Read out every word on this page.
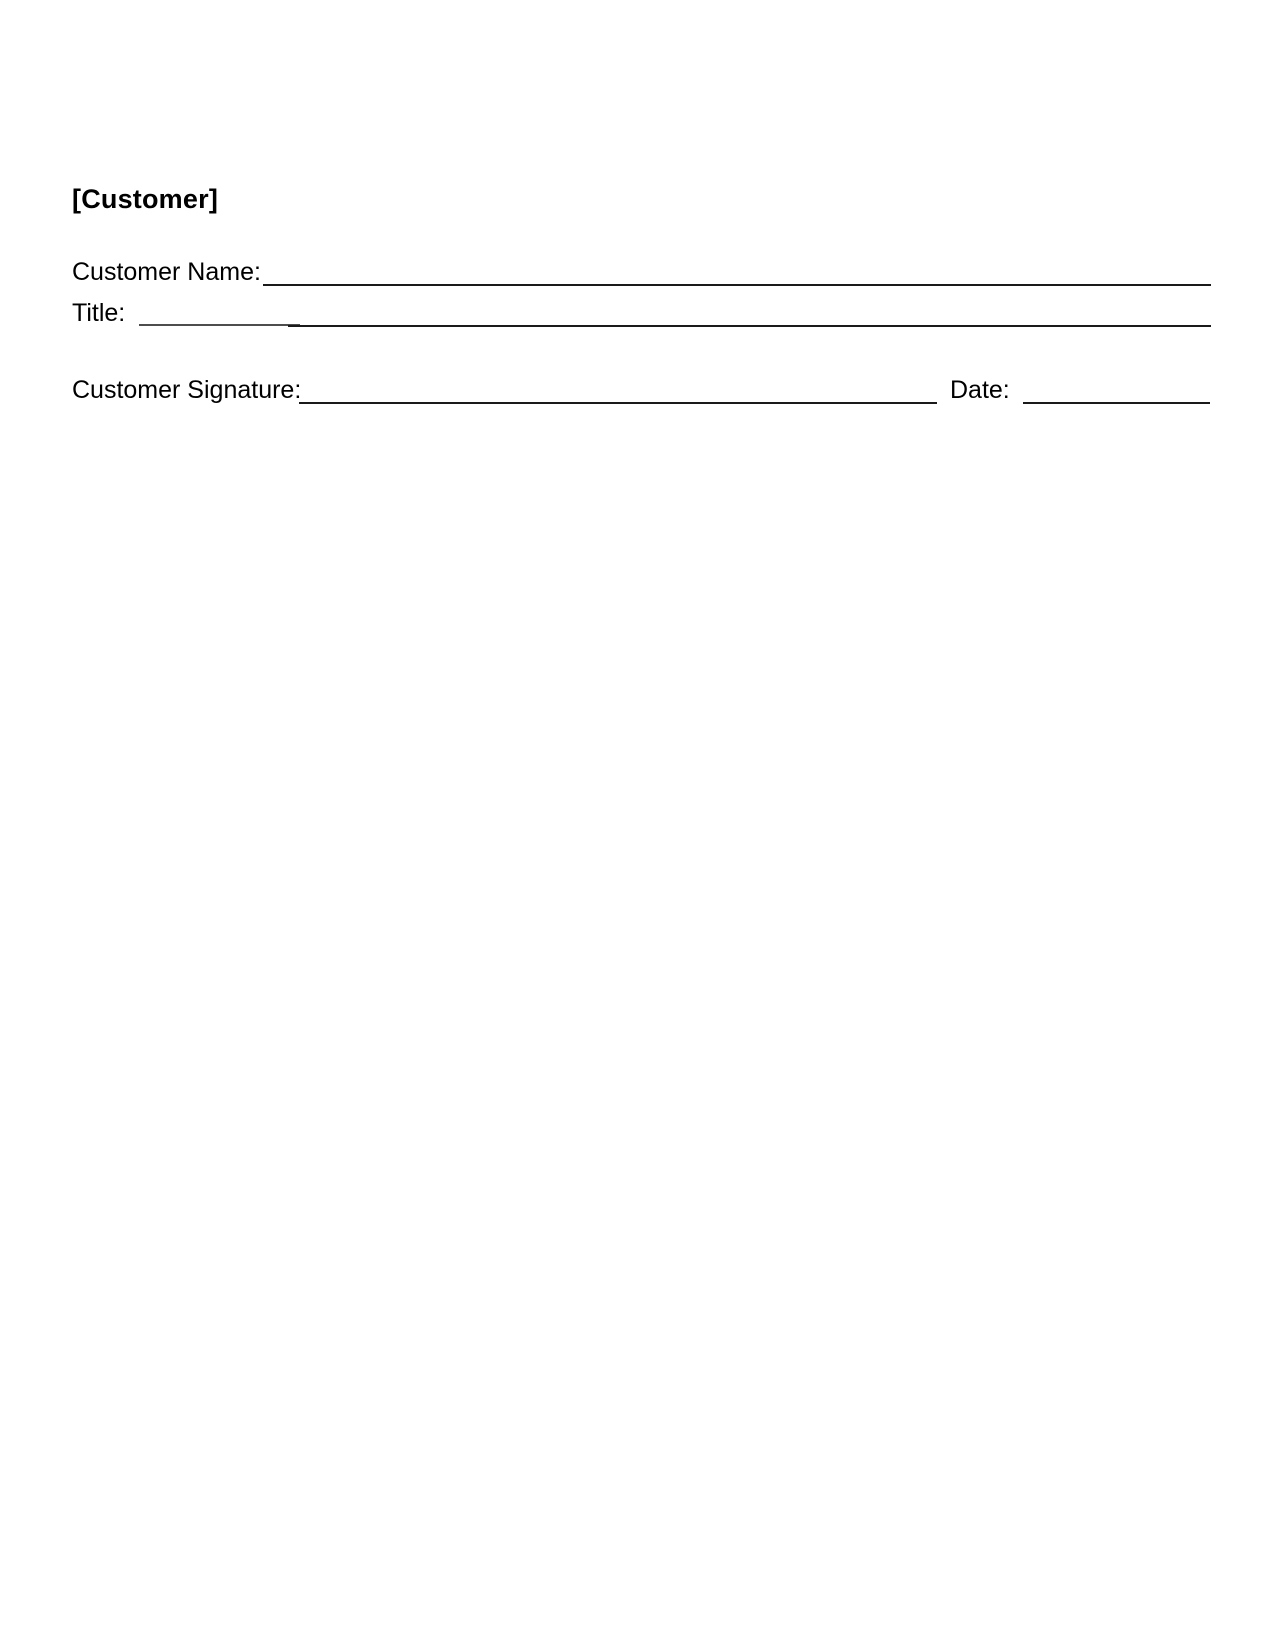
[Customer]
Customer Name:
Title:
Customer Signature:	Date:
